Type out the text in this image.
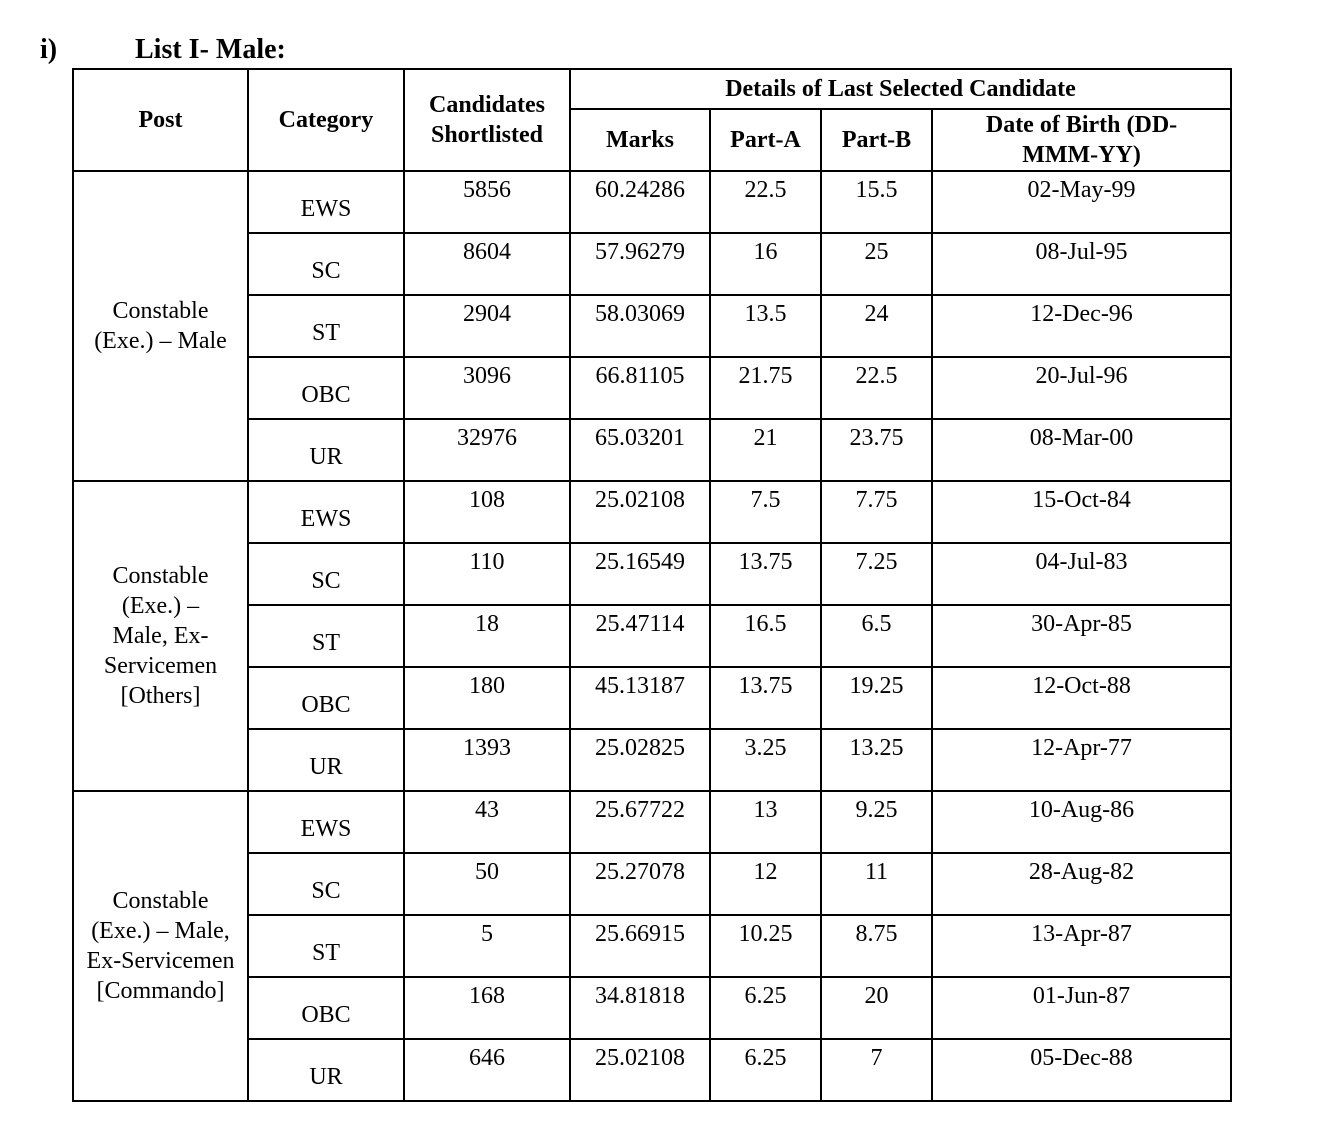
i)	List I- Male:
Post	Category	Candidates Shortlisted	Details of Last Selected Candidate			
			Marks	Part-A	Part-B	Date of Birth (DD-MMM-YY)
Constable (Exe.) – Male	EWS	5856	60.24286	22.5	15.5	02-May-99
	SC	8604	57.96279	16	25	08-Jul-95
	ST	2904	58.03069	13.5	24	12-Dec-96
	OBC	3096	66.81105	21.75	22.5	20-Jul-96
	UR	32976	65.03201	21	23.75	08-Mar-00
Constable (Exe.) – Male, Ex-Servicemen [Others]	EWS	108	25.02108	7.5	7.75	15-Oct-84
	SC	110	25.16549	13.75	7.25	04-Jul-83
	ST	18	25.47114	16.5	6.5	30-Apr-85
	OBC	180	45.13187	13.75	19.25	12-Oct-88
	UR	1393	25.02825	3.25	13.25	12-Apr-77
Constable (Exe.) – Male, Ex-Servicemen [Commando]	EWS	43	25.67722	13	9.25	10-Aug-86
	SC	50	25.27078	12	11	28-Aug-82
	ST	5	25.66915	10.25	8.75	13-Apr-87
	OBC	168	34.81818	6.25	20	01-Jun-87
	UR	646	25.02108	6.25	7	05-Dec-88
